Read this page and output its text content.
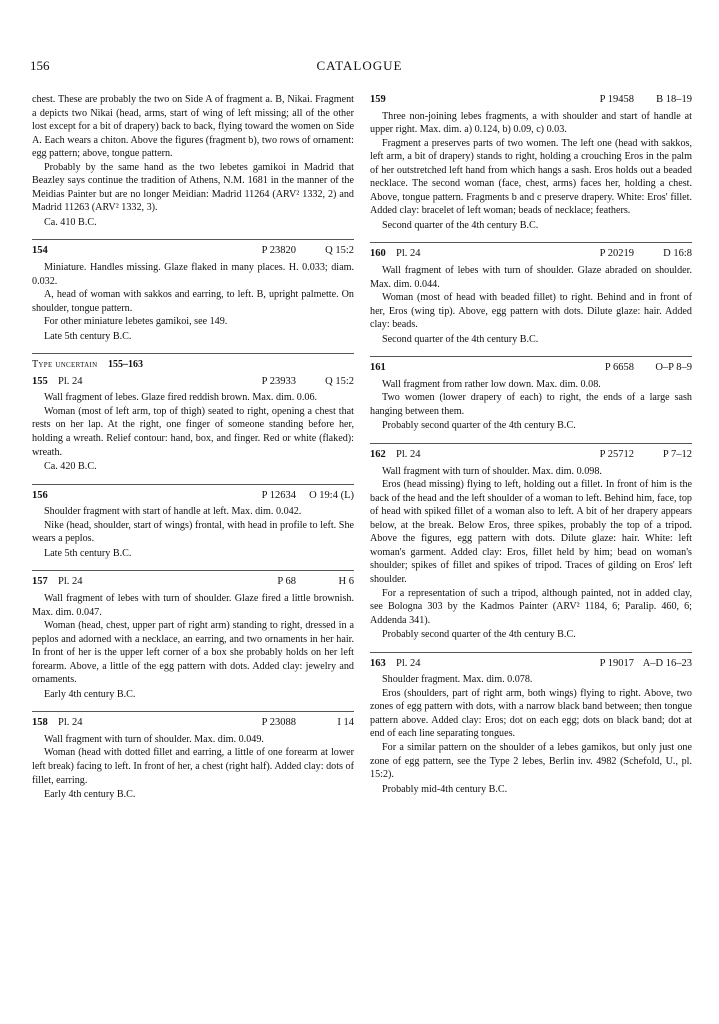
156	CATALOGUE

chest. These are probably the two on Side A of fragment a. B, Nikai. Fragment a depicts two Nikai (head, arms, start of wing of left missing; all of the other lost except for a bit of drapery) back to back, flying toward the women on Side A. Each wears a chiton. Above the figures (fragment b), two rows of ornament: egg pattern; above, tongue pattern.

Probably by the same hand as the two lebetes gamikoi in Madrid that Beazley says continue the tradition of Athens, N.M. 1681 in the manner of the Meidias Painter but are no longer Meidian: Madrid 11264 (ARV² 1332, 2) and Madrid 11263 (ARV² 1332, 3).

Ca. 410 B.C.

154	P 23820	Q 15:2

Miniature. Handles missing. Glaze flaked in many places. H. 0.033; diam. 0.032.

A, head of woman with sakkos and earring, to left. B, upright palmette. On shoulder, tongue pattern.

For other miniature lebetes gamikoi, see 149.

Late 5th century B.C.

Type uncertain 155–163
155 Pl. 24	P 23933	Q 15:2

Wall fragment of lebes. Glaze fired reddish brown. Max. dim. 0.06.

Woman (most of left arm, top of thigh) seated to right, opening a chest that rests on her lap. At the right, one finger of someone standing before her, holding a wreath. Relief contour: hand, box, and finger. Red or white (flaked): wreath.

Ca. 420 B.C.

156	P 12634	O 19:4 (L)

Shoulder fragment with start of handle at left. Max. dim. 0.042.

Nike (head, shoulder, start of wings) frontal, with head in profile to left. She wears a peplos.

Late 5th century B.C.

157 Pl. 24	P 68	H 6

Wall fragment of lebes with turn of shoulder. Glaze fired a little brownish. Max. dim. 0.047.

Woman (head, chest, upper part of right arm) standing to right, dressed in a peplos and adorned with a necklace, an earring, and two ornaments in her hair. In front of her is the upper left corner of a box she probably holds on her left forearm. Above, a little of the egg pattern with dots. Added clay: jewelry and ornaments.

Early 4th century B.C.

158 Pl. 24	P 23088	I 14

Wall fragment with turn of shoulder. Max. dim. 0.049.

Woman (head with dotted fillet and earring, a little of one forearm at lower left break) facing to left. In front of her, a chest (right half). Added clay: dots of fillet, earring.

Early 4th century B.C.

159	P 19458	B 18–19

Three non-joining lebes fragments, a with shoulder and start of handle at upper right. Max. dim. a) 0.124, b) 0.09, c) 0.03.

Fragment a preserves parts of two women. The left one (head with sakkos, left arm, a bit of drapery) stands to right, holding a crouching Eros in the palm of her outstretched left hand from which hangs a sash. Eros holds out a beaded necklace. The second woman (face, chest, arms) faces her, holding a chest. Above, tongue pattern. Fragments b and c preserve drapery. White: Eros' fillet. Added clay: bracelet of left woman; beads of necklace; feathers.

Second quarter of the 4th century B.C.

160 Pl. 24	P 20219	D 16:8

Wall fragment of lebes with turn of shoulder. Glaze abraded on shoulder. Max. dim. 0.044.

Woman (most of head with beaded fillet) to right. Behind and in front of her, Eros (wing tip). Above, egg pattern with dots. Dilute glaze: hair. Added clay: beads.

Second quarter of the 4th century B.C.

161	P 6658	O–P 8–9

Wall fragment from rather low down. Max. dim. 0.08.

Two women (lower drapery of each) to right, the ends of a large sash hanging between them.

Probably second quarter of the 4th century B.C.

162 Pl. 24	P 25712	P 7–12

Wall fragment with turn of shoulder. Max. dim. 0.098.

Eros (head missing) flying to left, holding out a fillet. In front of him is the back of the head and the left shoulder of a woman to left. Behind him, face, top of head with spiked fillet of a woman also to left. A bit of her drapery appears below, at the break. Below Eros, three spikes, probably the top of a tripod. Above the figures, egg pattern with dots. Dilute glaze: hair. White: left woman's garment. Added clay: Eros, fillet held by him; bead on woman's shoulder; spikes of fillet and spikes of tripod. Traces of gilding on Eros' left shoulder.

For a representation of such a tripod, although painted, not in added clay, see Bologna 303 by the Kadmos Painter (ARV² 1184, 6; Paralip. 460, 6; Addenda 341).

Probably second quarter of the 4th century B.C.

163 Pl. 24	P 19017 A–D 16–23

Shoulder fragment. Max. dim. 0.078.

Eros (shoulders, part of right arm, both wings) flying to right. Above, two zones of egg pattern with dots, with a narrow black band between; then tongue pattern above. Added clay: Eros; dot on each egg; dots on black band; dot at end of each line separating tongues.

For a similar pattern on the shoulder of a lebes gamikos, but only just one zone of egg pattern, see the Type 2 lebes, Berlin inv. 4982 (Schefold, U., pl. 15:2).

Probably mid-4th century B.C.
